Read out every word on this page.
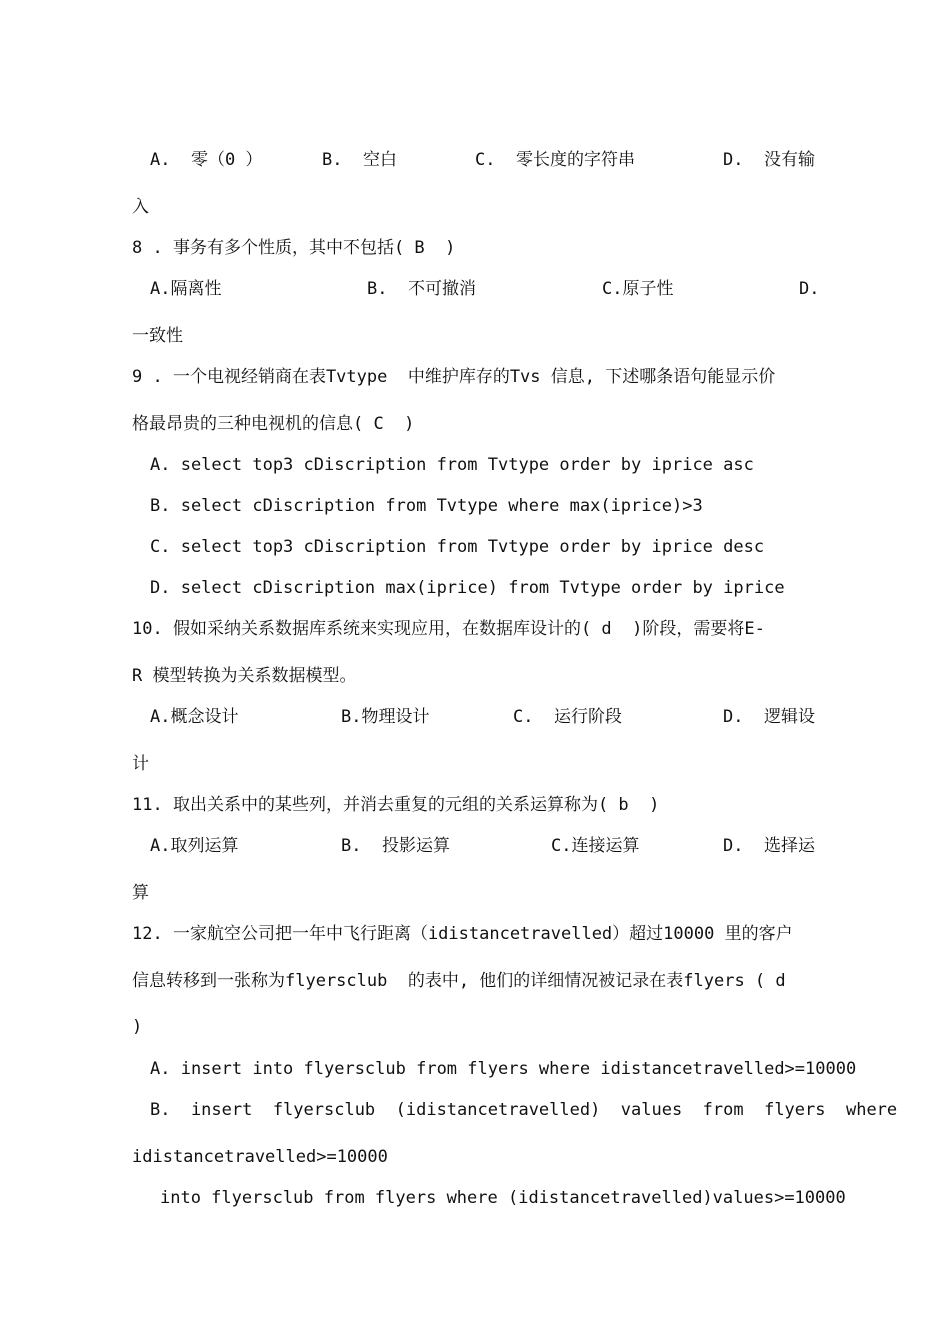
A.  零（0 ）	B.  空白	C.  零长度的字符串	D.  没有输
入
8 . 事务有多个性质，其中不包括( B  )
A.隔离性	B.  不可撤消	C.原子性	D.
一致性
9 . 一个电视经销商在表Tvtype  中维护库存的Tvs 信息, 下述哪条语句能显示价
格最昂贵的三种电视机的信息( C  )
A. select top3 cDiscription from Tvtype order by iprice asc
B. select cDiscription from Tvtype where max(iprice)>3
C. select top3 cDiscription from Tvtype order by iprice desc
D. select cDiscription max(iprice) from Tvtype order by iprice
10. 假如采纳关系数据库系统来实现应用，在数据库设计的( d  )阶段，需要将E-
R 模型转换为关系数据模型。
A.概念设计	B.物理设计	C.  运行阶段	D.  逻辑设
计
11. 取出关系中的某些列，并消去重复的元组的关系运算称为( b  )
A.取列运算	B.  投影运算	C.连接运算	D.  选择运
算
12. 一家航空公司把一年中飞行距离（idistancetravelled）超过10000 里的客户
信息转移到一张称为flyersclub  的表中, 他们的详细情况被记录在表flyers ( d
)
A. insert into flyersclub from flyers where idistancetravelled>=10000
B.  insert  flyersclub  (idistancetravelled)  values  from  flyers  where
idistancetravelled>=10000
into flyersclub from flyers where (idistancetravelled)values>=10000
